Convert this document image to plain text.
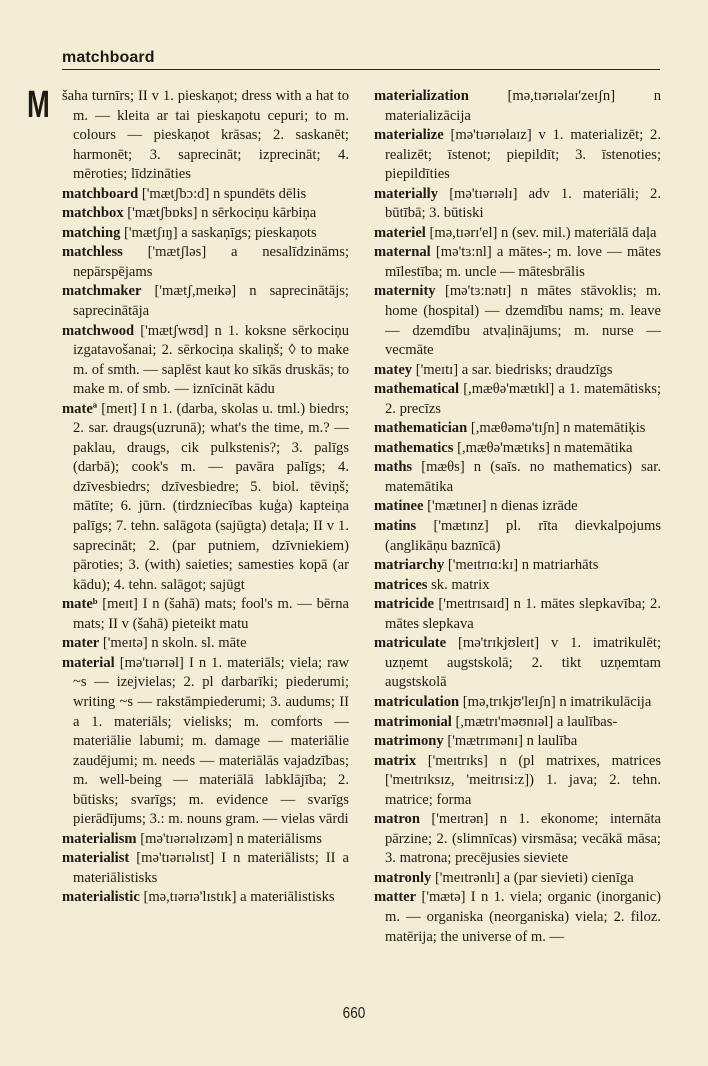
matchboard
M šaha turnīrs; II v 1. pieskaņot; dress with a hat to m. — kleita ar tai pieskaņotu cepuri; to m. colours — pieskaņot krāsas; 2. saskanēt; harmonēt; 3. saprecināt; izprecināt; 4. mēroties; līdzināties

matchboard ['mætʃbɔ:d] n spundēts dēlis

matchbox ['mætʃbɒks] n sērkociņu kārbiņa

matching ['mætʃɪŋ] a saskaņīgs; pieskaņots

matchless ['mætʃləs] a nesalīdzināms; nepārspējams

matchmaker ['mætʃ,meɪkə] n saprecinātājs; saprecinātāja

matchwood ['mætʃwʊd] n 1. koksne sērkociņu izgatavošanai; 2. sērkociņa skaliņš; ◊ to make m. of smth. — saplēst kaut ko sīkās druskās; to make m. of smb. — iznīcināt kādu

mateª [meɪt] I n 1. (darba, skolas u. tml.) biedrs; 2. sar. draugs(uzrunā); what's the time, m.? — paklau, draugs, cik pulkstenis?; 3. palīgs (darbā); cook's m. — pavāra palīgs; 4. dzīvesbiedrs; dzīvesbiedre; 5. biol. tēviņš; mātīte; 6. jūrn. (tirdzniecības kuģa) kapteiņa palīgs; 7. tehn. salāgota (sajūgta) detaļa; II v 1. saprecināt; 2. (par putniem, dzīvniekiem) pāroties; 3. (with) saieties; samesties kopā (ar kādu); 4. tehn. salāgot; sajūgt

mateᵇ [meɪt] I n (šahā) mats; fool's m. — bērna mats; II v (šahā) pieteikt matu

mater ['meɪtə] n skoln. sl. māte

material [mə'tɪərɪəl] I n 1. materiāls; viela; raw ~s — izejvielas; 2. pl darbarīki; piederumi; writing ~s — rakstāmpiederumi; 3. audums; II a 1. materiāls; vielisks; m. comforts — materiālie labumi; m. damage — materiālie zaudējumi; m. needs — materiālās vajadzības; m. well-being — materiālā labklājība; 2. būtisks; svarīgs; m. evidence — svarīgs pierādījums; 3.: m. nouns gram. — vielas vārdi

materialism [mə'tɪərɪəlɪzəm] n materiālisms

materialist [mə'tɪərɪəlɪst] I n materiālists; II a materiālistisks

materialistic [mə,tɪərɪə'lɪstɪk] a materiālistisks

materialization [mə,tɪərɪəlaɪ'zeɪʃn] n materializācija

materialize [mə'tɪərɪəlaɪz] v 1. materializēt; 2. realizēt; īstenot; piepildīt; 3. īstenoties; piepildīties

materially [mə'tɪərɪəlɪ] adv 1. materiāli; 2. būtībā; 3. būtiski

materiel [mə,tɪərɪ'el] n (sev. mil.) materiālā daļa

maternal [mə'tɜ:nl] a mātes-; m. love — mātes mīlestība; m. uncle — mātesbrālis

maternity [mə'tɜ:nətɪ] n mātes stāvoklis; m. home (hospital) — dzemdību nams; m. leave — dzemdību atvaļinājums; m. nurse — vecmāte

matey ['meɪtɪ] a sar. biedrisks; draudzīgs

mathematical [,mæθə'mætɪkl] a 1. matemātisks; 2. precīzs

mathematician [,mæθəmə'tɪʃn] n matemātiķis

mathematics [,mæθə'mætɪks] n matemātika

maths [mæθs] n (saīs. no mathematics) sar. matemātika

matinee ['mætɪneɪ] n dienas izrāde

matins ['mætɪnz] pl. rīta dievkalpojums (anglikāņu baznīcā)

matriarchy ['meɪtrɪɑ:kɪ] n matriarhāts

matrices sk. matrix

matricide ['meɪtrɪsaɪd] n 1. mātes slepkavība; 2. mātes slepkava

matriculate [mə'trɪkjʊleɪt] v 1. imatrikulēt; uzņemt augstskolā; 2. tikt uzņemtam augstskolā

matriculation [mə,trɪkjʊ'leɪʃn] n imatrikulācija

matrimonial [,mætrɪ'məʊnɪəl] a laulības-

matrimony ['mætrɪmənɪ] n laulība

matrix ['meɪtrɪks] n (pl matrixes, matrices ['meɪtrɪksɪz, 'meitrɪsi:z]) 1. java; 2. tehn. matrice; forma

matron ['meɪtrən] n 1. ekonome; internāta pārzine; 2. (slimnīcas) virsmāsa; vecākā māsa; 3. matrona; precējusies sieviete

matronly ['meɪtrənlɪ] a (par sievieti) cienīga

matter ['mætə] I n 1. viela; organic (inorganic) m. — organiska (neorganiska) viela; 2. filoz. matērija; the universe of m. —

660
